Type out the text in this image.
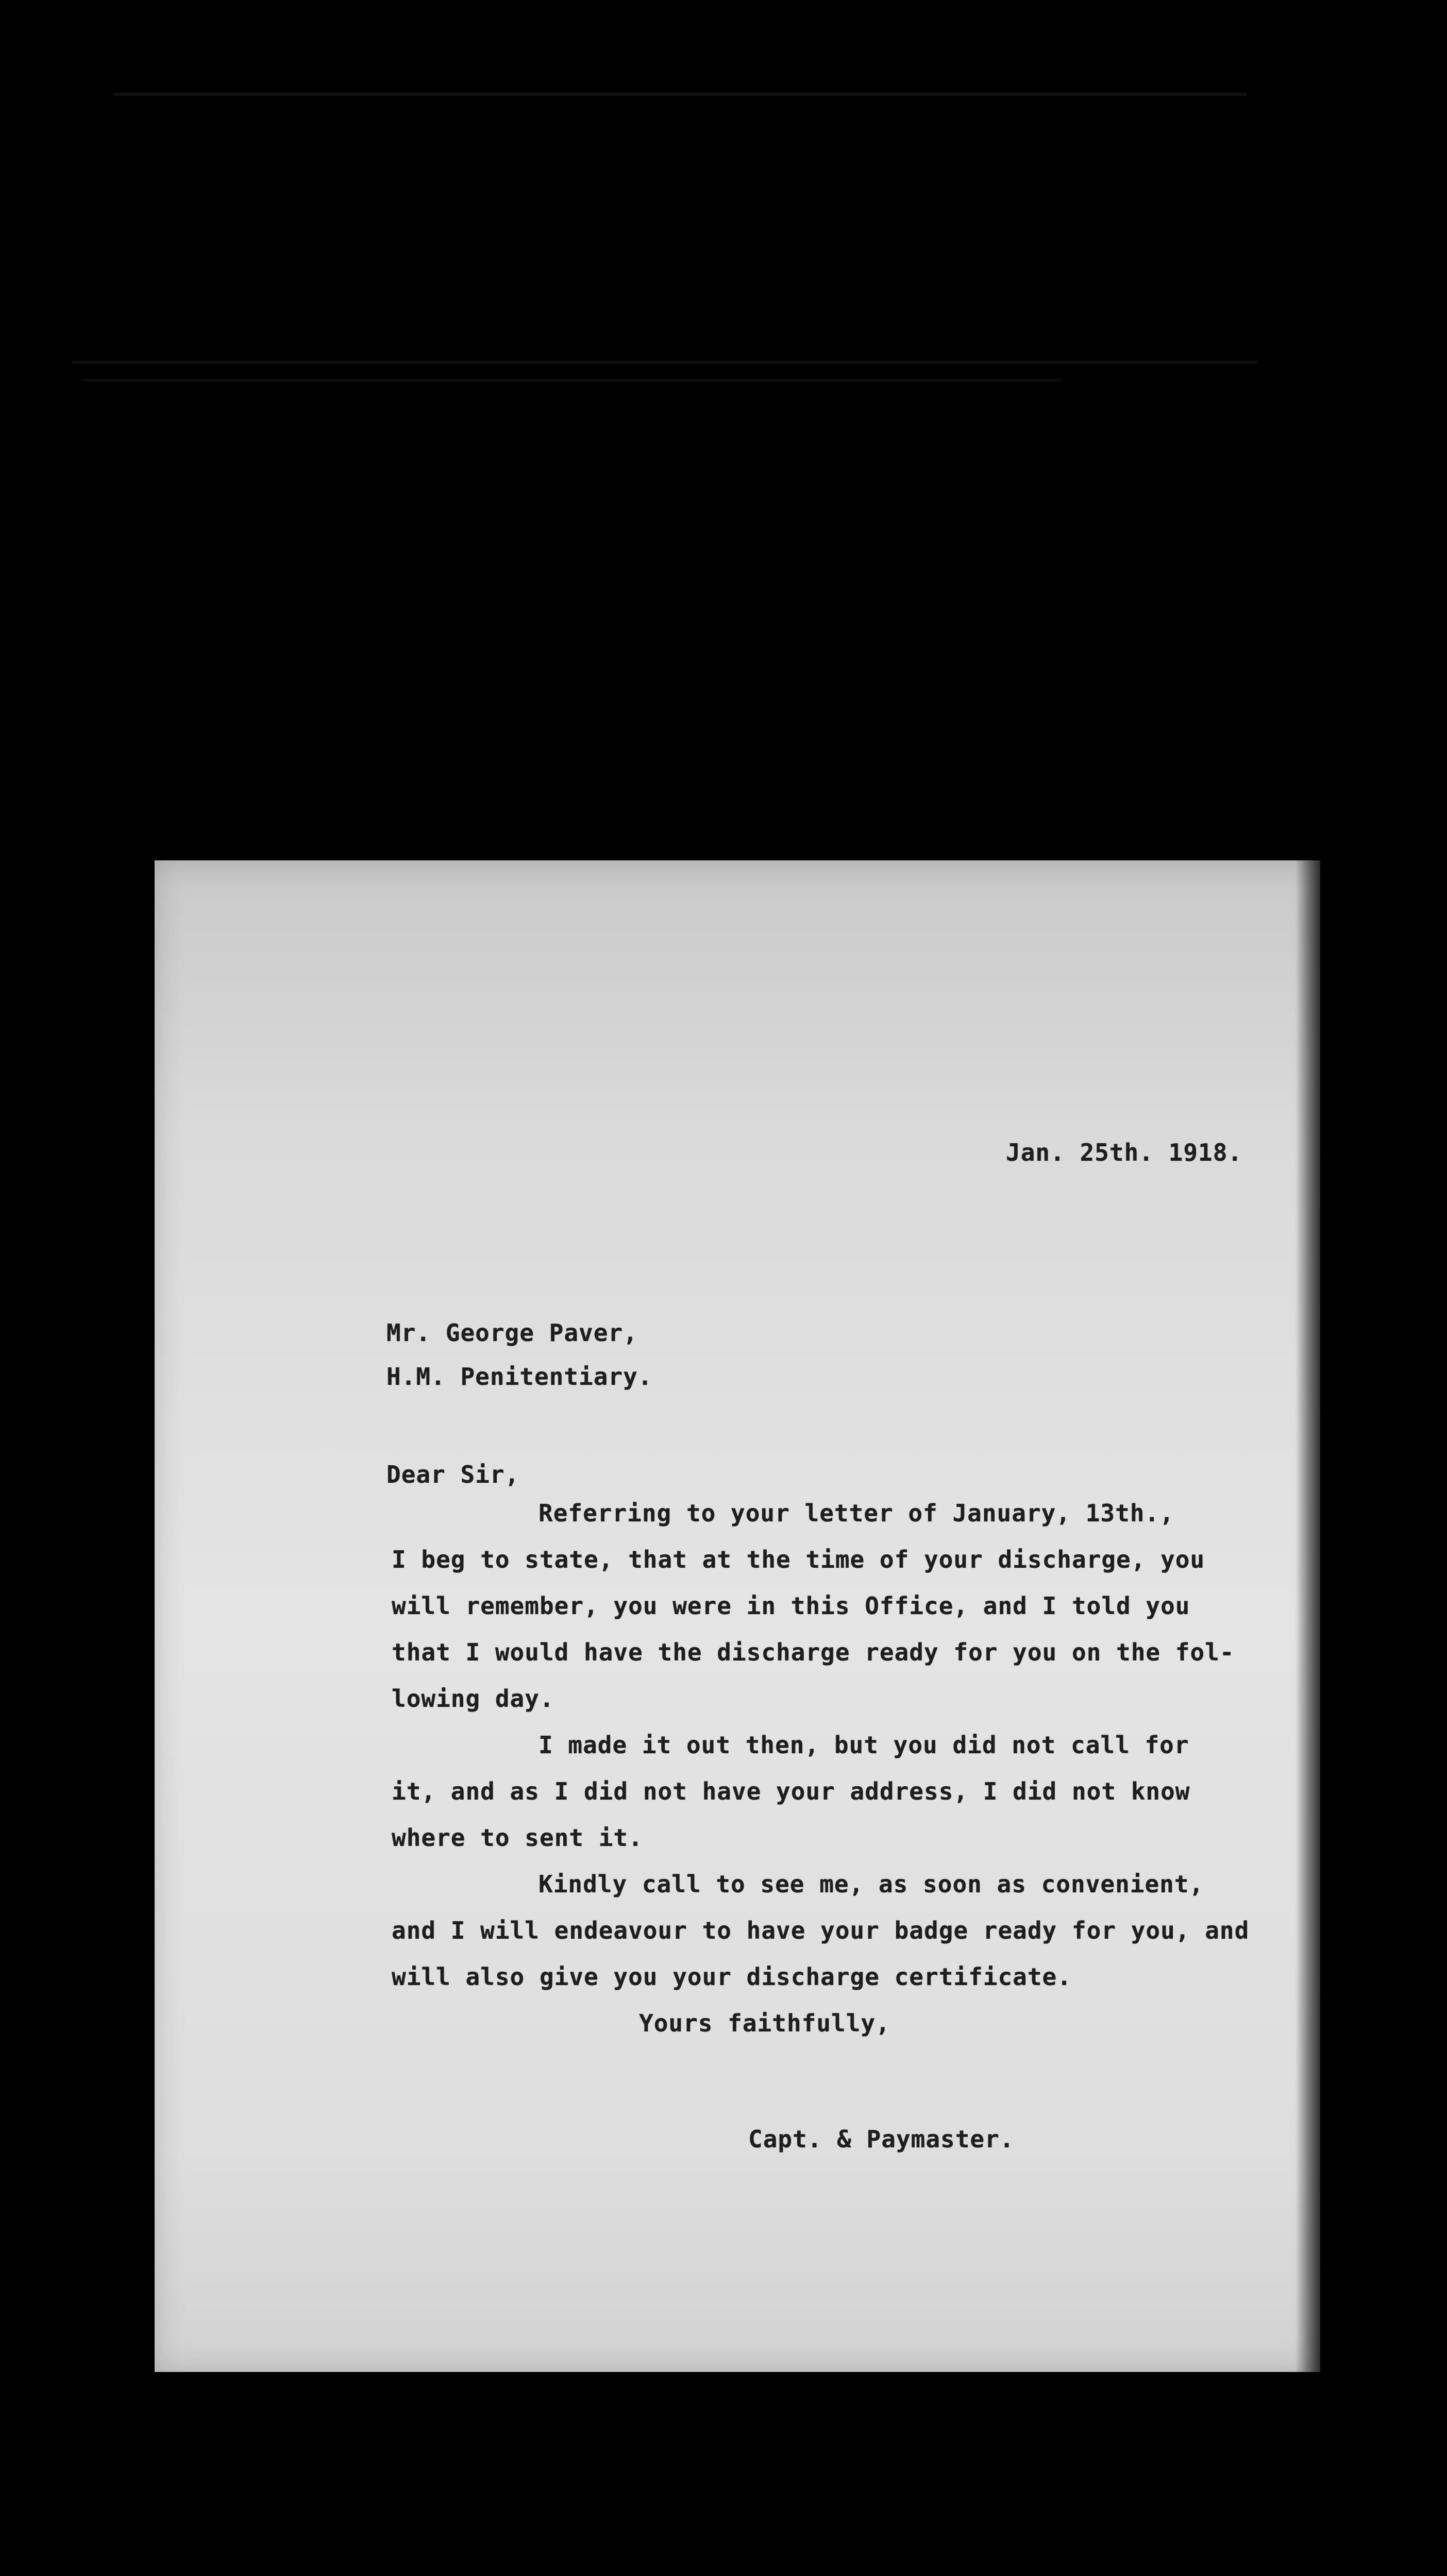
Jan. 25th. 1918.
Mr. George Paver,
H.M. Penitentiary.
Dear Sir,
Referring to your letter of January, 13th.,
I beg to state, that at the time of your discharge, you
will remember, you were in this Office, and I told you
that I would have the discharge ready for you on the fol-
lowing day.
I made it out then, but you did not call for
it, and as I did not have your address, I did not know
where to sent it.
Kindly call to see me, as soon as convenient,
and I will endeavour to have your badge ready for you, and
will also give you your discharge certificate.
Yours faithfully,
Capt. & Paymaster.
